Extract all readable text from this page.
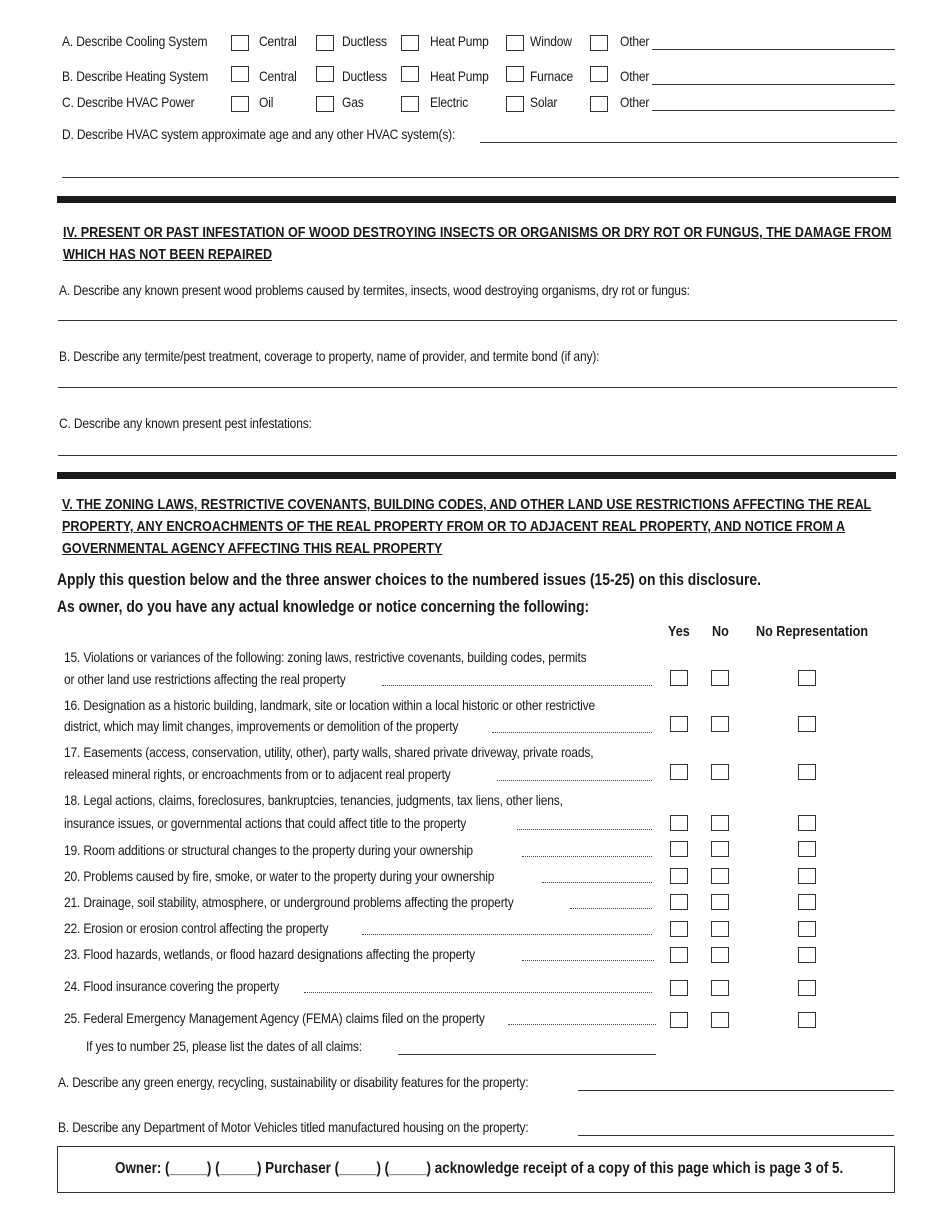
A. Describe Cooling System	Central	Ductless	Heat Pump	Window	Other
B. Describe Heating System	Central	Ductless	Heat Pump	Furnace	Other
C. Describe HVAC Power	Oil	Gas	Electric	Solar	Other
D. Describe HVAC system approximate age and any other HVAC system(s):
IV. PRESENT OR PAST INFESTATION OF WOOD DESTROYING INSECTS OR ORGANISMS OR DRY ROT OR FUNGUS, THE DAMAGE FROM
WHICH HAS NOT BEEN REPAIRED
A. Describe any known present wood problems caused by termites, insects, wood destroying organisms, dry rot or fungus:
B. Describe any termite/pest treatment, coverage to property, name of provider, and termite bond (if any):
C. Describe any known present pest infestations:
V. THE ZONING LAWS, RESTRICTIVE COVENANTS, BUILDING CODES, AND OTHER LAND USE RESTRICTIONS AFFECTING THE REAL
PROPERTY, ANY ENCROACHMENTS OF THE REAL PROPERTY FROM OR TO ADJACENT REAL PROPERTY, AND NOTICE FROM A
GOVERNMENTAL AGENCY AFFECTING THIS REAL PROPERTY
Apply this question below and the three answer choices to the numbered issues (15-25) on this disclosure.
As owner, do you have any actual knowledge or notice concerning the following:
Yes No No Representation
15. Violations or variances of the following: zoning laws, restrictive covenants, building codes, permits
or other land use restrictions affecting the real property
16. Designation as a historic building, landmark, site or location within a local historic or other restrictive
district, which may limit changes, improvements or demolition of the property
17. Easements (access, conservation, utility, other), party walls, shared private driveway, private roads,
released mineral rights, or encroachments from or to adjacent real property
18. Legal actions, claims, foreclosures, bankruptcies, tenancies, judgments, tax liens, other liens,
insurance issues, or governmental actions that could affect title to the property
19. Room additions or structural changes to the property during your ownership
20. Problems caused by fire, smoke, or water to the property during your ownership
21. Drainage, soil stability, atmosphere, or underground problems affecting the property
22. Erosion or erosion control affecting the property
23. Flood hazards, wetlands, or flood hazard designations affecting the property
24. Flood insurance covering the property
25. Federal Emergency Management Agency (FEMA) claims filed on the property
If yes to number 25, please list the dates of all claims:
A. Describe any green energy, recycling, sustainability or disability features for the property:
B. Describe any Department of Motor Vehicles titled manufactured housing on the property:
Owner: (_____) (_____) Purchaser (_____) (_____) acknowledge receipt of a copy of this page which is page 3 of 5.
